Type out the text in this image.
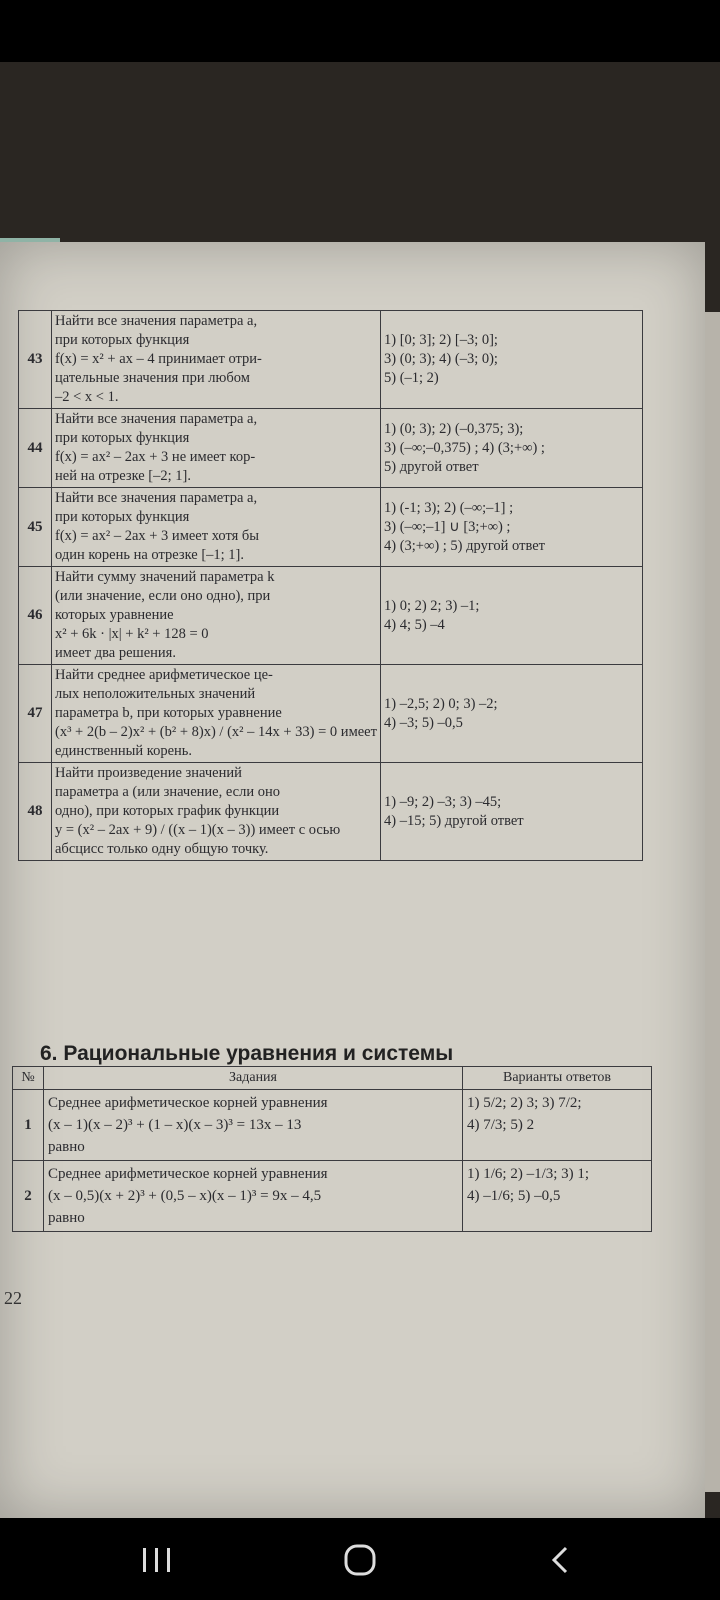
43	Найти все значения параметра a,
при которых функция
f(x) = x² + ax – 4 принимает отри-
цательные значения при любом
–2 < x < 1.	1) [0; 3]; 2) [–3; 0];
3) (0; 3); 4) (–3; 0);
5) (–1; 2)

44	Найти все значения параметра a,
при которых функция
f(x) = ax² – 2ax + 3 не имеет кор-
ней на отрезке [–2; 1].	1) (0; 3); 2) (–0,375; 3);
3) (–∞;–0,375) ; 4) (3;+∞) ;
5) другой ответ

45	Найти все значения параметра a,
при которых функция
f(x) = ax² – 2ax + 3 имеет хотя бы
один корень на отрезке [–1; 1].	1) (-1; 3); 2) (–∞;–1] ;
3) (–∞;–1] ∪ [3;+∞) ;
4) (3;+∞) ; 5) другой ответ

46	Найти сумму значений параметра k
(или значение, если оно одно), при
которых уравнение
x² + 6k · |x| + k² + 128 = 0
имеет два решения.	1) 0; 2) 2; 3) –1;
4) 4; 5) –4

47	Найти среднее арифметическое це-
лых неположительных значений
параметра b, при которых уравнение
(x³ + 2(b – 2)x² + (b² + 8)x) / (x² – 14x + 33) = 0 имеет
единственный корень.	1) –2,5; 2) 0; 3) –2;
4) –3; 5) –0,5

48	Найти произведение значений
параметра a (или значение, если оно
одно), при которых график функции
y = (x² – 2ax + 9) / ((x – 1)(x – 3)) имеет с осью
абсцисс только одну общую точку.	1) –9; 2) –3; 3) –45;
4) –15; 5) другой ответ
6. Рациональные уравнения и системы
№	Задания	Варианты ответов
1	Среднее арифметическое корней уравнения
(x – 1)(x – 2)³ + (1 – x)(x – 3)³ = 13x – 13
равно	1) 5/2; 2) 3; 3) 7/2;
4) 7/3; 5) 2

2	Среднее арифметическое корней уравнения
(x – 0,5)(x + 2)³ + (0,5 – x)(x – 1)³ = 9x – 4,5
равно	1) 1/6; 2) –1/3; 3) 1;
4) –1/6; 5) –0,5
22
